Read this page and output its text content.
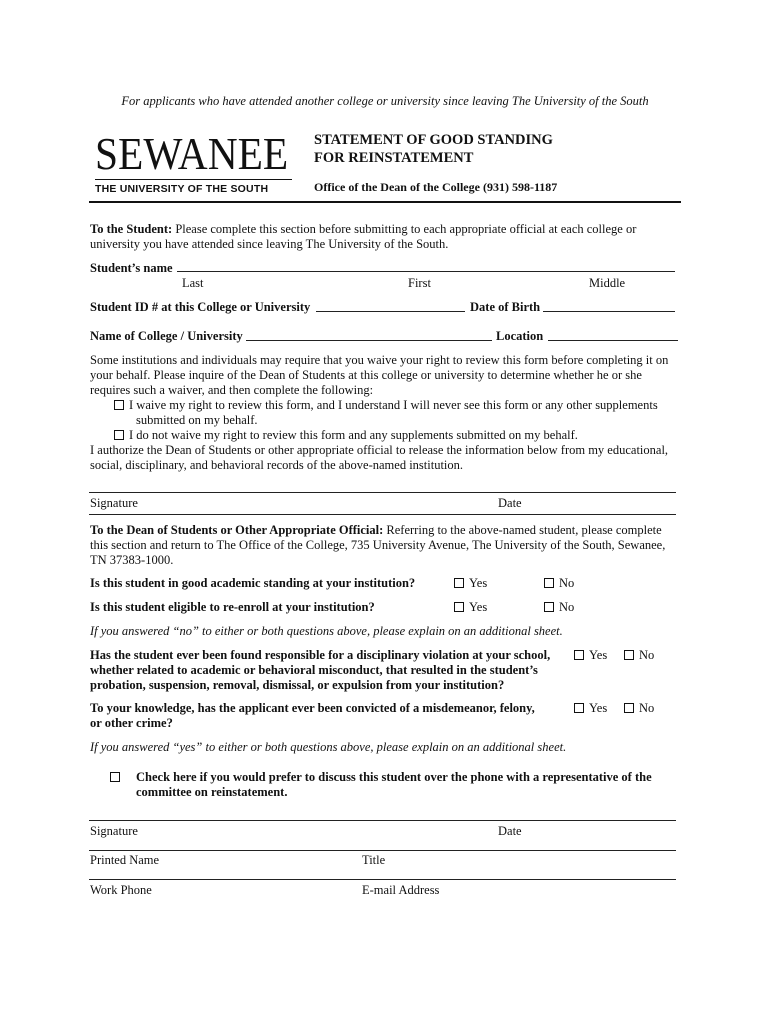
For applicants who have attended another college or university since leaving The University of the South
SEWANEE
THE UNIVERSITY OF THE SOUTH
STATEMENT OF GOOD STANDING
FOR REINSTATEMENT
Office of the Dean of the College (931) 598-1187
To the Student: Please complete this section before submitting to each appropriate official at each college or
university you have attended since leaving The University of the South.
Student’s name
Last	First	Middle
Student ID # at this College or University	Date of Birth
Name of College / University	Location
Some institutions and individuals may require that you waive your right to review this form before completing it on
your behalf. Please inquire of the Dean of Students at this college or university to determine whether he or she
requires such a waiver, and then complete the following:
I waive my right to review this form, and I understand I will never see this form or any other supplements
submitted on my behalf.
I do not waive my right to review this form and any supplements submitted on my behalf.
I authorize the Dean of Students or other appropriate official to release the information below from my educational,
social, disciplinary, and behavioral records of the above-named institution.
Signature	Date
To the Dean of Students or Other Appropriate Official: Referring to the above-named student, please complete
this section and return to The Office of the College, 735 University Avenue, The University of the South, Sewanee,
TN 37383-1000.
Is this student in good academic standing at your institution?	Yes	No
Is this student eligible to re-enroll at your institution?	Yes	No
If you answered “no” to either or both questions above, please explain on an additional sheet.
Has the student ever been found responsible for a disciplinary violation at your school,
whether related to academic or behavioral misconduct, that resulted in the student’s
probation, suspension, removal, dismissal, or expulsion from your institution?
Yes	No
To your knowledge, has the applicant ever been convicted of a misdemeanor, felony,
or other crime?
Yes	No
If you answered “yes” to either or both questions above, please explain on an additional sheet.
Check here if you would prefer to discuss this student over the phone with a representative of the
committee on reinstatement.
Signature	Date
Printed Name	Title
Work Phone	E-mail Address
